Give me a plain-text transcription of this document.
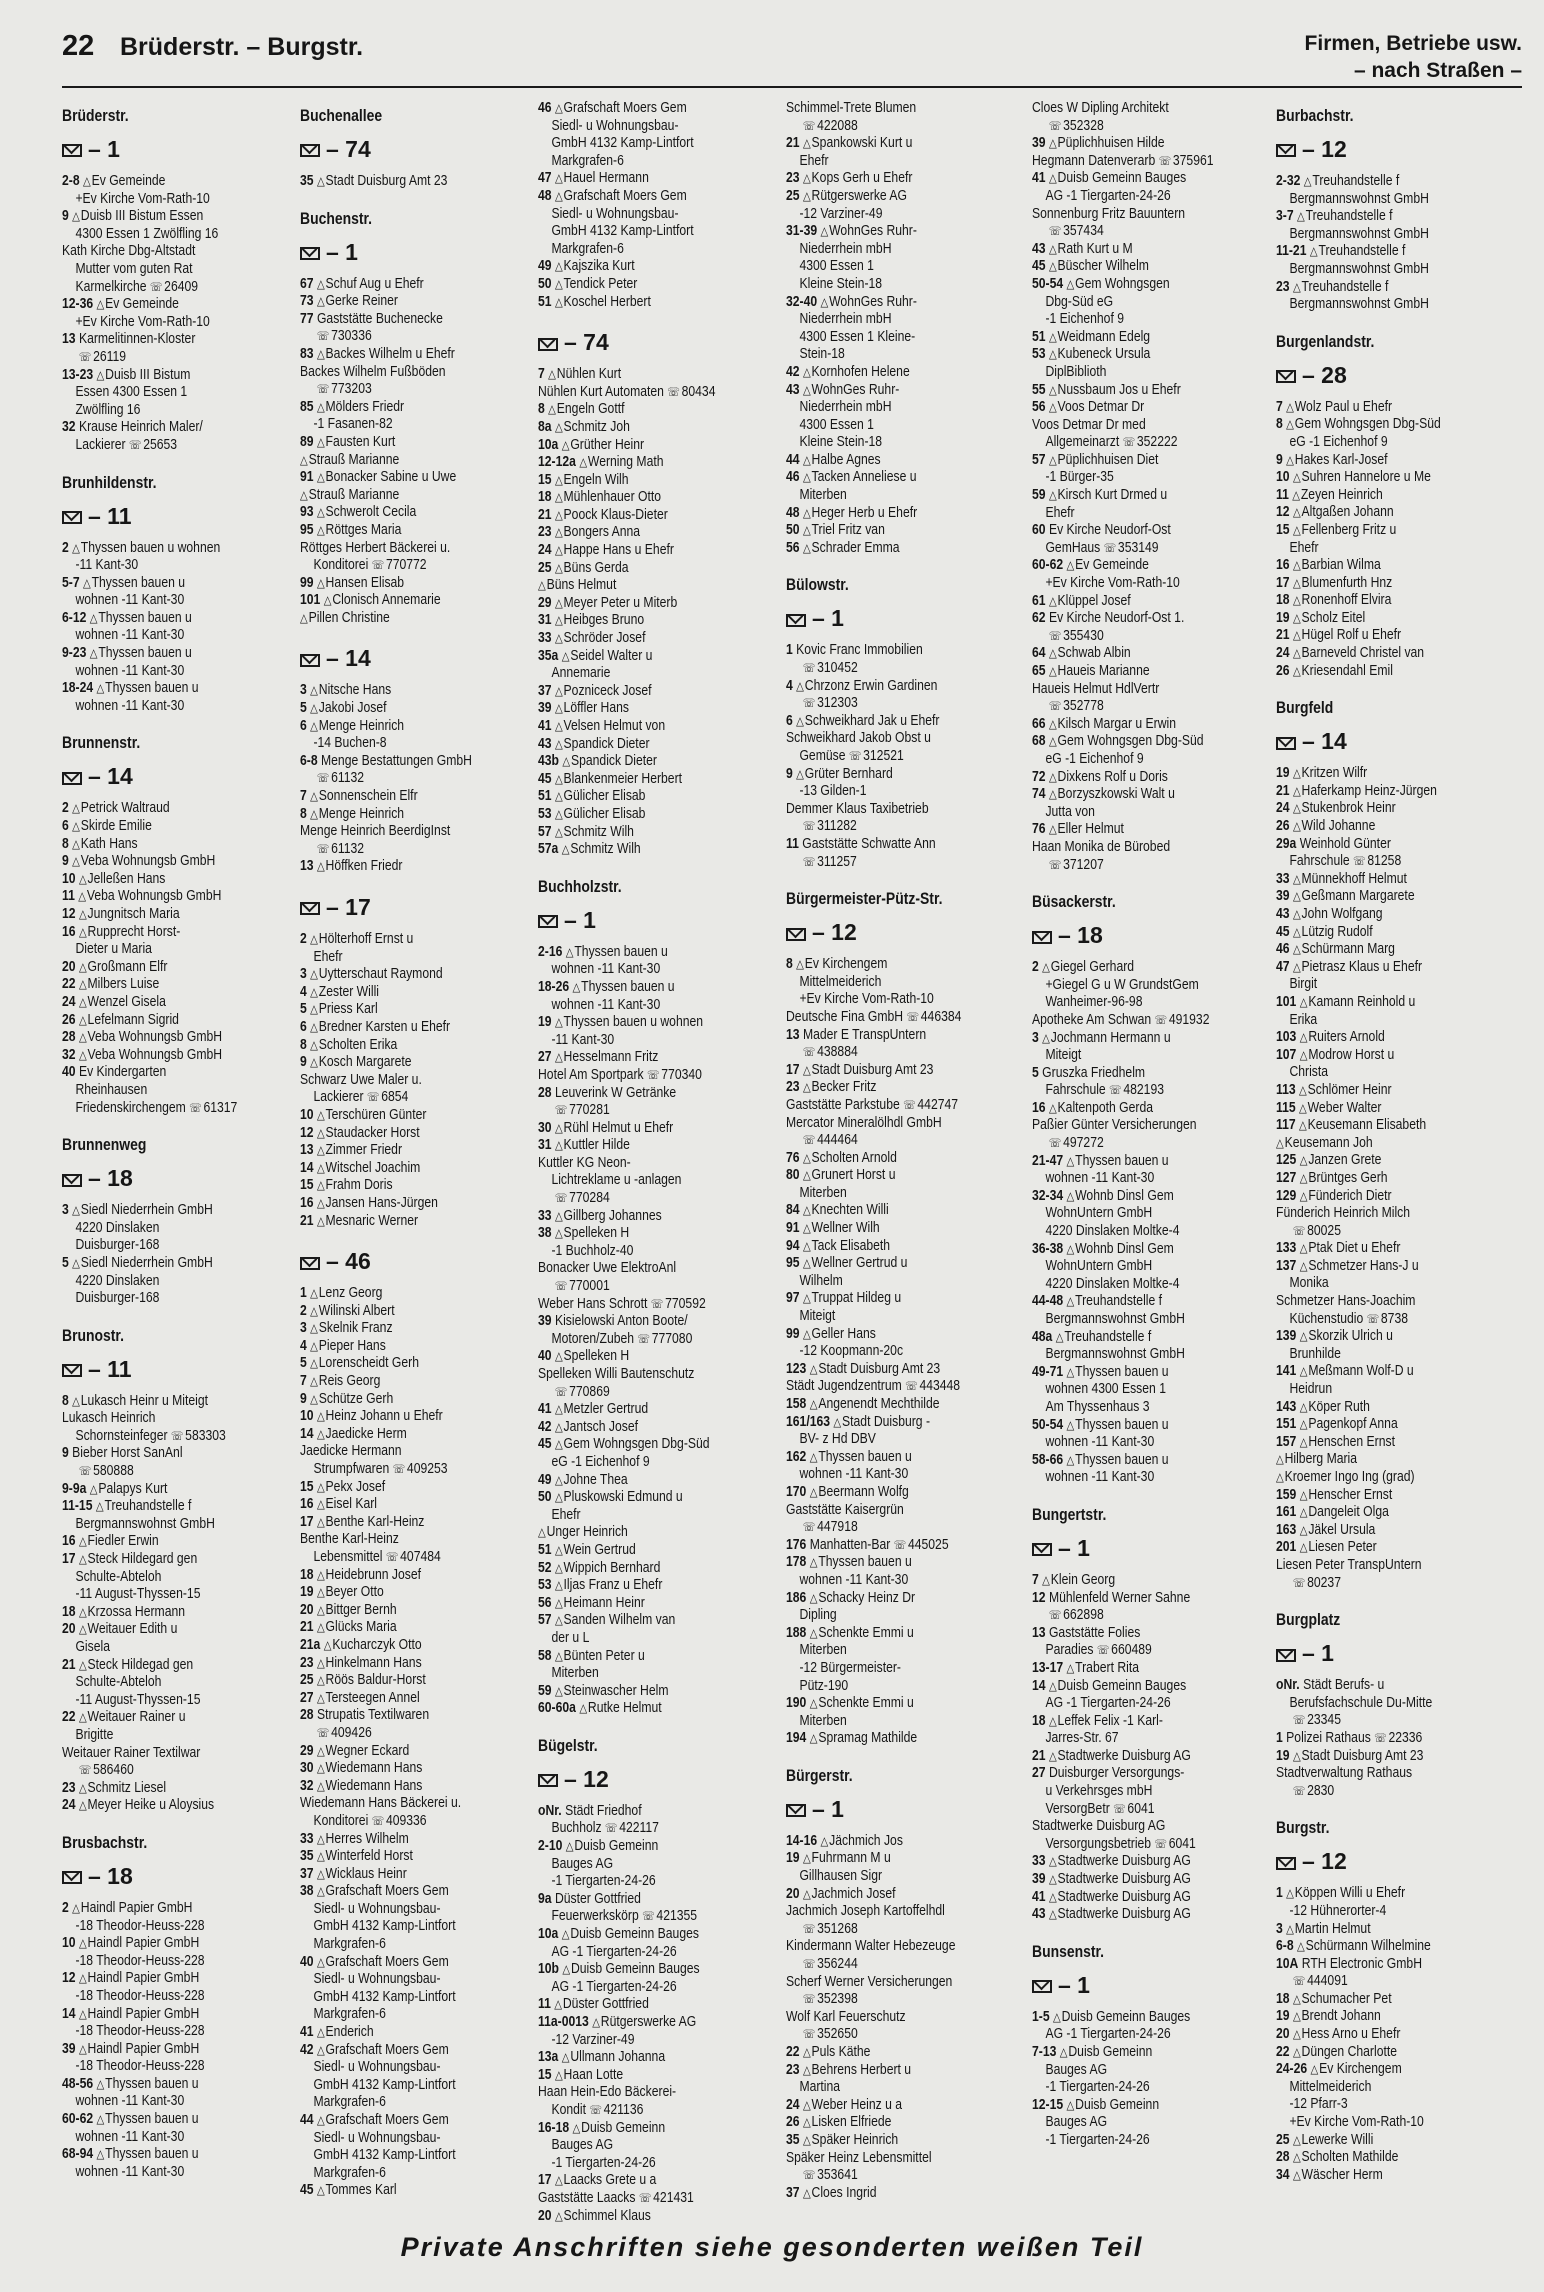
22 Brüderstr. – Burgstr.	Firmen, Betriebe usw.
– nach Straßen –
Brüderstr.
– 1
2-8 △Ev Gemeinde
+Ev Kirche Vom-Rath-10
9 △Duisb III Bistum Essen
4300 Essen 1 Zwölfling 16
Kath Kirche Dbg-Altstadt
Mutter vom guten Rat
Karmelkirche ☏ 26409
12-36 △Ev Gemeinde
+Ev Kirche Vom-Rath-10
13 Karmelitinnen-Kloster
☏ 26119
13-23 △Duisb III Bistum
Essen 4300 Essen 1
Zwölfling 16
32 Krause Heinrich Maler/
Lackierer ☏ 25653
Brunhildenstr.
– 11
2 △Thyssen bauen u wohnen
-11 Kant-30
5-7 △Thyssen bauen u
wohnen -11 Kant-30
6-12 △Thyssen bauen u
wohnen -11 Kant-30
9-23 △Thyssen bauen u
wohnen -11 Kant-30
18-24 △Thyssen bauen u
wohnen -11 Kant-30
Brunnenstr.
– 14
2 △Petrick Waltraud
6 △Skirde Emilie
8 △Kath Hans
9 △Veba Wohnungsb GmbH
10 △Jelleßen Hans
11 △Veba Wohnungsb GmbH
12 △Jungnitsch Maria
16 △Rupprecht Horst-
Dieter u Maria
20 △Großmann Elfr
22 △Milbers Luise
24 △Wenzel Gisela
26 △Lefelmann Sigrid
28 △Veba Wohnungsb GmbH
32 △Veba Wohnungsb GmbH
40 Ev Kindergarten
Rheinhausen
Friedenskirchengem ☏ 61317
Brunnenweg
– 18
3 △Siedl Niederrhein GmbH
4220 Dinslaken
Duisburger-168
5 △Siedl Niederrhein GmbH
4220 Dinslaken
Duisburger-168
Brunostr.
– 11
8 △Lukasch Heinr u Miteigt
Lukasch Heinrich
Schornsteinfeger ☏ 583303
9 Bieber Horst SanAnl
☏ 580888
9-9a △Palapys Kurt
11-15 △Treuhandstelle f
Bergmannswohnst GmbH
16 △Fiedler Erwin
17 △Steck Hildegard gen
Schulte-Abteloh
-11 August-Thyssen-15
18 △Krzossa Hermann
20 △Weitauer Edith u
Gisela
21 △Steck Hildegad gen
Schulte-Abteloh
-11 August-Thyssen-15
22 △Weitauer Rainer u
Brigitte
Weitauer Rainer Textilwar
☏ 586460
23 △Schmitz Liesel
24 △Meyer Heike u Aloysius
Brusbachstr.
– 18
2 △Haindl Papier GmbH
-18 Theodor-Heuss-228
10 △Haindl Papier GmbH
-18 Theodor-Heuss-228
12 △Haindl Papier GmbH
-18 Theodor-Heuss-228
14 △Haindl Papier GmbH
-18 Theodor-Heuss-228
39 △Haindl Papier GmbH
-18 Theodor-Heuss-228
48-56 △Thyssen bauen u
wohnen -11 Kant-30
60-62 △Thyssen bauen u
wohnen -11 Kant-30
68-94 △Thyssen bauen u
wohnen -11 Kant-30
Buchenallee
– 74
35 △Stadt Duisburg Amt 23
Buchenstr.
– 1
67 △Schuf Aug u Ehefr
73 △Gerke Reiner
77 Gaststätte Buchenecke
☏ 730336
83 △Backes Wilhelm u Ehefr
Backes Wilhelm Fußböden
☏ 773203
85 △Mölders Friedr
-1 Fasanen-82
89 △Fausten Kurt
△Strauß Marianne
91 △Bonacker Sabine u Uwe
△Strauß Marianne
93 △Schwerolt Cecila
95 △Röttges Maria
Röttges Herbert Bäckerei u.
Konditorei ☏ 770772
99 △Hansen Elisab
101 △Clonisch Annemarie
△Pillen Christine
– 14
3 △Nitsche Hans
5 △Jakobi Josef
6 △Menge Heinrich
-14 Buchen-8
6-8 Menge Bestattungen GmbH
☏ 61132
7 △Sonnenschein Elfr
8 △Menge Heinrich
Menge Heinrich BeerdigInst
☏ 61132
13 △Höffken Friedr
– 17
2 △Hölterhoff Ernst u
Ehefr
3 △Uytterschaut Raymond
4 △Zester Willi
5 △Priess Karl
6 △Bredner Karsten u Ehefr
8 △Scholten Erika
9 △Kosch Margarete
Schwarz Uwe Maler u.
Lackierer ☏ 6854
10 △Terschüren Günter
12 △Staudacker Horst
13 △Zimmer Friedr
14 △Witschel Joachim
15 △Frahm Doris
16 △Jansen Hans-Jürgen
21 △Mesnaric Werner
– 46
1 △Lenz Georg
2 △Wilinski Albert
3 △Skelnik Franz
4 △Pieper Hans
5 △Lorenscheidt Gerh
7 △Reis Georg
9 △Schütze Gerh
10 △Heinz Johann u Ehefr
14 △Jaedicke Herm
Jaedicke Hermann
Strumpfwaren ☏ 409253
15 △Pekx Josef
16 △Eisel Karl
17 △Benthe Karl-Heinz
Benthe Karl-Heinz
Lebensmittel ☏ 407484
18 △Heidebrunn Josef
19 △Beyer Otto
20 △Bittger Bernh
21 △Glücks Maria
21a △Kucharczyk Otto
23 △Hinkelmann Hans
25 △Röös Baldur-Horst
27 △Tersteegen Annel
28 Strupatis Textilwaren
☏ 409426
29 △Wegner Eckard
30 △Wiedemann Hans
32 △Wiedemann Hans
Wiedemann Hans Bäckerei u.
Konditorei ☏ 409336
33 △Herres Wilhelm
35 △Winterfeld Horst
37 △Wicklaus Heinr
38 △Grafschaft Moers Gem
Siedl- u Wohnungsbau-
GmbH 4132 Kamp-Lintfort
Markgrafen-6
40 △Grafschaft Moers Gem
Siedl- u Wohnungsbau-
GmbH 4132 Kamp-Lintfort
Markgrafen-6
41 △Enderich
42 △Grafschaft Moers Gem
Siedl- u Wohnungsbau-
GmbH 4132 Kamp-Lintfort
Markgrafen-6
44 △Grafschaft Moers Gem
Siedl- u Wohnungsbau-
GmbH 4132 Kamp-Lintfort
Markgrafen-6
45 △Tommes Karl
46 △Grafschaft Moers Gem
Siedl- u Wohnungsbau-
GmbH 4132 Kamp-Lintfort
Markgrafen-6
47 △Hauel Hermann
48 △Grafschaft Moers Gem
Siedl- u Wohnungsbau-
GmbH 4132 Kamp-Lintfort
Markgrafen-6
49 △Kajszika Kurt
50 △Tendick Peter
51 △Koschel Herbert
– 74
7 △Nühlen Kurt
Nühlen Kurt Automaten ☏ 80434
8 △Engeln Gottf
8a △Schmitz Joh
10a △Grüther Heinr
12-12a △Werning Math
15 △Engeln Wilh
18 △Mühlenhauer Otto
21 △Poock Klaus-Dieter
23 △Bongers Anna
24 △Happe Hans u Ehefr
25 △Büns Gerda
△Büns Helmut
29 △Meyer Peter u Miterb
31 △Heibges Bruno
33 △Schröder Josef
35a △Seidel Walter u
Annemarie
37 △Pozniceck Josef
39 △Löffler Hans
41 △Velsen Helmut von
43 △Spandick Dieter
43b △Spandick Dieter
45 △Blankenmeier Herbert
51 △Gülicher Elisab
53 △Gülicher Elisab
57 △Schmitz Wilh
57a △Schmitz Wilh
Buchholzstr.
– 1
2-16 △Thyssen bauen u
wohnen -11 Kant-30
18-26 △Thyssen bauen u
wohnen -11 Kant-30
19 △Thyssen bauen u wohnen
-11 Kant-30
27 △Hesselmann Fritz
Hotel Am Sportpark ☏ 770340
28 Leuverink W Getränke
☏ 770281
30 △Rühl Helmut u Ehefr
31 △Kuttler Hilde
Kuttler KG Neon-
Lichtreklame u -anlagen
☏ 770284
33 △Gillberg Johannes
38 △Spelleken H
-1 Buchholz-40
Bonacker Uwe ElektroAnl
☏ 770001
Weber Hans Schrott ☏ 770592
39 Kisielowski Anton Boote/
Motoren/Zubeh ☏ 777080
40 △Spelleken H
Spelleken Willi Bautenschutz
☏ 770869
41 △Metzler Gertrud
42 △Jantsch Josef
45 △Gem Wohngsgen Dbg-Süd
eG -1 Eichenhof 9
49 △Johne Thea
50 △Pluskowski Edmund u
Ehefr
△Unger Heinrich
51 △Wein Gertrud
52 △Wippich Bernhard
53 △Iljas Franz u Ehefr
56 △Heimann Heinr
57 △Sanden Wilhelm van
der u L
58 △Bünten Peter u
Miterben
59 △Steinwascher Helm
60-60a △Rutke Helmut
Bügelstr.
– 12
oNr. Städt Friedhof
Buchholz ☏ 422117
2-10 △Duisb Gemeinn
Bauges AG
-1 Tiergarten-24-26
9a Düster Gottfried
Feuerwerkskörp ☏ 421355
10a △Duisb Gemeinn Bauges
AG -1 Tiergarten-24-26
10b △Duisb Gemeinn Bauges
AG -1 Tiergarten-24-26
11 △Düster Gottfried
11a-0013 △Rütgerswerke AG
-12 Varziner-49
13a △Ullmann Johanna
15 △Haan Lotte
Haan Hein-Edo Bäckerei-
Kondit ☏ 421136
16-18 △Duisb Gemeinn
Bauges AG
-1 Tiergarten-24-26
17 △Laacks Grete u a
Gaststätte Laacks ☏ 421431
20 △Schimmel Klaus
Schimmel-Trete Blumen
☏ 422088
21 △Spankowski Kurt u
Ehefr
23 △Kops Gerh u Ehefr
25 △Rütgerswerke AG
-12 Varziner-49
31-39 △WohnGes Ruhr-
Niederrhein mbH
4300 Essen 1
Kleine Stein-18
32-40 △WohnGes Ruhr-
Niederrhein mbH
4300 Essen 1 Kleine-
Stein-18
42 △Kornhofen Helene
43 △WohnGes Ruhr-
Niederrhein mbH
4300 Essen 1
Kleine Stein-18
44 △Halbe Agnes
46 △Tacken Anneliese u
Miterben
48 △Heger Herb u Ehefr
50 △Triel Fritz van
56 △Schrader Emma
Bülowstr.
– 1
1 Kovic Franc Immobilien
☏ 310452
4 △Chrzonz Erwin Gardinen
☏ 312303
6 △Schweikhard Jak u Ehefr
Schweikhard Jakob Obst u
Gemüse ☏ 312521
9 △Grüter Bernhard
-13 Gilden-1
Demmer Klaus Taxibetrieb
☏ 311282
11 Gaststätte Schwatte Ann
☏ 311257
Bürgermeister-Pütz-Str.
– 12
8 △Ev Kirchengem
Mittelmeiderich
+Ev Kirche Vom-Rath-10
Deutsche Fina GmbH ☏ 446384
13 Mader E TranspUntern
☏ 438884
17 △Stadt Duisburg Amt 23
23 △Becker Fritz
Gaststätte Parkstube ☏ 442747
Mercator Mineralölhdl GmbH
☏ 444464
76 △Scholten Arnold
80 △Grunert Horst u
Miterben
84 △Knechten Willi
91 △Wellner Wilh
94 △Tack Elisabeth
95 △Wellner Gertrud u
Wilhelm
97 △Truppat Hildeg u
Miteigt
99 △Geller Hans
-12 Koopmann-20c
123 △Stadt Duisburg Amt 23
Städt Jugendzentrum ☏ 443448
158 △Angenendt Mechthilde
161/163 △Stadt Duisburg -
BV- z Hd DBV
162 △Thyssen bauen u
wohnen -11 Kant-30
170 △Beermann Wolfg
Gaststätte Kaisergrün
☏ 447918
176 Manhatten-Bar ☏ 445025
178 △Thyssen bauen u
wohnen -11 Kant-30
186 △Schacky Heinz Dr
Dipling
188 △Schenkte Emmi u
Miterben
-12 Bürgermeister-
Pütz-190
190 △Schenkte Emmi u
Miterben
194 △Spramag Mathilde
Bürgerstr.
– 1
14-16 △Jächmich Jos
19 △Fuhrmann M u
Gillhausen Sigr
20 △Jachmich Josef
Jachmich Joseph Kartoffelhdl
☏ 351268
Kindermann Walter Hebezeuge
☏ 356244
Scherf Werner Versicherungen
☏ 352398
Wolf Karl Feuerschutz
☏ 352650
22 △Puls Käthe
23 △Behrens Herbert u
Martina
24 △Weber Heinz u a
26 △Lisken Elfriede
35 △Späker Heinrich
Späker Heinz Lebensmittel
☏ 353641
37 △Cloes Ingrid
Cloes W Dipling Architekt
☏ 352328
39 △Püplichhuisen Hilde
Hegmann Datenverarb ☏ 375961
41 △Duisb Gemeinn Bauges
AG -1 Tiergarten-24-26
Sonnenburg Fritz Bauuntern
☏ 357434
43 △Rath Kurt u M
45 △Büscher Wilhelm
50-54 △Gem Wohngsgen
Dbg-Süd eG
-1 Eichenhof 9
51 △Weidmann Edelg
53 △Kubeneck Ursula
DiplBiblioth
55 △Nussbaum Jos u Ehefr
56 △Voos Detmar Dr
Voos Detmar Dr med
Allgemeinarzt ☏ 352222
57 △Püplichhuisen Diet
-1 Bürger-35
59 △Kirsch Kurt Drmed u
Ehefr
60 Ev Kirche Neudorf-Ost
GemHaus ☏ 353149
60-62 △Ev Gemeinde
+Ev Kirche Vom-Rath-10
61 △Klüppel Josef
62 Ev Kirche Neudorf-Ost 1.
☏ 355430
64 △Schwab Albin
65 △Haueis Marianne
Haueis Helmut HdlVertr
☏ 352778
66 △Kilsch Margar u Erwin
68 △Gem Wohngsgen Dbg-Süd
eG -1 Eichenhof 9
72 △Dixkens Rolf u Doris
74 △Borzyszkowski Walt u
Jutta von
76 △Eller Helmut
Haan Monika de Bürobed
☏ 371207
Büsackerstr.
– 18
2 △Giegel Gerhard
+Giegel G u W GrundstGem
Wanheimer-96-98
Apotheke Am Schwan ☏ 491932
3 △Jochmann Hermann u
Miteigt
5 Gruszka Friedhelm
Fahrschule ☏ 482193
16 △Kaltenpoth Gerda
Paßier Günter Versicherungen
☏ 497272
21-47 △Thyssen bauen u
wohnen -11 Kant-30
32-34 △Wohnb Dinsl Gem
WohnUntern GmbH
4220 Dinslaken Moltke-4
36-38 △Wohnb Dinsl Gem
WohnUntern GmbH
4220 Dinslaken Moltke-4
44-48 △Treuhandstelle f
Bergmannswohnst GmbH
48a △Treuhandstelle f
Bergmannswohnst GmbH
49-71 △Thyssen bauen u
wohnen 4300 Essen 1
Am Thyssenhaus 3
50-54 △Thyssen bauen u
wohnen -11 Kant-30
58-66 △Thyssen bauen u
wohnen -11 Kant-30
Bungertstr.
– 1
7 △Klein Georg
12 Mühlenfeld Werner Sahne
☏ 662898
13 Gaststätte Folies
Paradies ☏ 660489
13-17 △Trabert Rita
14 △Duisb Gemeinn Bauges
AG -1 Tiergarten-24-26
18 △Leffek Felix -1 Karl-
Jarres-Str. 67
21 △Stadtwerke Duisburg AG
27 Duisburger Versorgungs-
u Verkehrsges mbH
VersorgBetr ☏ 6041
Stadtwerke Duisburg AG
Versorgungsbetrieb ☏ 6041
33 △Stadtwerke Duisburg AG
39 △Stadtwerke Duisburg AG
41 △Stadtwerke Duisburg AG
43 △Stadtwerke Duisburg AG
Bunsenstr.
– 1
1-5 △Duisb Gemeinn Bauges
AG -1 Tiergarten-24-26
7-13 △Duisb Gemeinn
Bauges AG
-1 Tiergarten-24-26
12-15 △Duisb Gemeinn
Bauges AG
-1 Tiergarten-24-26
Burbachstr.
– 12
2-32 △Treuhandstelle f
Bergmannswohnst GmbH
3-7 △Treuhandstelle f
Bergmannswohnst GmbH
11-21 △Treuhandstelle f
Bergmannswohnst GmbH
23 △Treuhandstelle f
Bergmannswohnst GmbH
Burgenlandstr.
– 28
7 △Wolz Paul u Ehefr
8 △Gem Wohngsgen Dbg-Süd
eG -1 Eichenhof 9
9 △Hakes Karl-Josef
10 △Suhren Hannelore u Me
11 △Zeyen Heinrich
12 △Altgaßen Johann
15 △Fellenberg Fritz u
Ehefr
16 △Barbian Wilma
17 △Blumenfurth Hnz
18 △Ronenhoff Elvira
19 △Scholz Eitel
21 △Hügel Rolf u Ehefr
24 △Barneveld Christel van
26 △Kriesendahl Emil
Burgfeld
– 14
19 △Kritzen Wilfr
21 △Haferkamp Heinz-Jürgen
24 △Stukenbrok Heinr
26 △Wild Johanne
29a Weinhold Günter
Fahrschule ☏ 81258
33 △Münnekhoff Helmut
39 △Geßmann Margarete
43 △John Wolfgang
45 △Lützig Rudolf
46 △Schürmann Marg
47 △Pietrasz Klaus u Ehefr
Birgit
101 △Kamann Reinhold u
Erika
103 △Ruiters Arnold
107 △Modrow Horst u
Christa
113 △Schlömer Heinr
115 △Weber Walter
117 △Keusemann Elisabeth
△Keusemann Joh
125 △Janzen Grete
127 △Brüntges Gerh
129 △Fünderich Dietr
Fünderich Heinrich Milch
☏ 80025
133 △Ptak Diet u Ehefr
137 △Schmetzer Hans-J u
Monika
Schmetzer Hans-Joachim
Küchenstudio ☏ 8738
139 △Skorzik Ulrich u
Brunhilde
141 △Meßmann Wolf-D u
Heidrun
143 △Köper Ruth
151 △Pagenkopf Anna
157 △Henschen Ernst
△Hilberg Maria
△Kroemer Ingo Ing (grad)
159 △Henscher Ernst
161 △Dangeleit Olga
163 △Jäkel Ursula
201 △Liesen Peter
Liesen Peter TranspUntern
☏ 80237
Burgplatz
– 1
oNr. Städt Berufs- u
Berufsfachschule Du-Mitte
☏ 23345
1 Polizei Rathaus ☏ 22336
19 △Stadt Duisburg Amt 23
Stadtverwaltung Rathaus
☏ 2830
Burgstr.
– 12
1 △Köppen Willi u Ehefr
-12 Hühnerorter-4
3 △Martin Helmut
6-8 △Schürmann Wilhelmine
10A RTH Electronic GmbH
☏ 444091
18 △Schumacher Pet
19 △Brendt Johann
20 △Hess Arno u Ehefr
22 △Düngen Charlotte
24-26 △Ev Kirchengem
Mittelmeiderich
-12 Pfarr-3
+Ev Kirche Vom-Rath-10
25 △Lewerke Willi
28 △Scholten Mathilde
34 △Wäscher Herm
Private Anschriften siehe gesonderten weißen Teil
